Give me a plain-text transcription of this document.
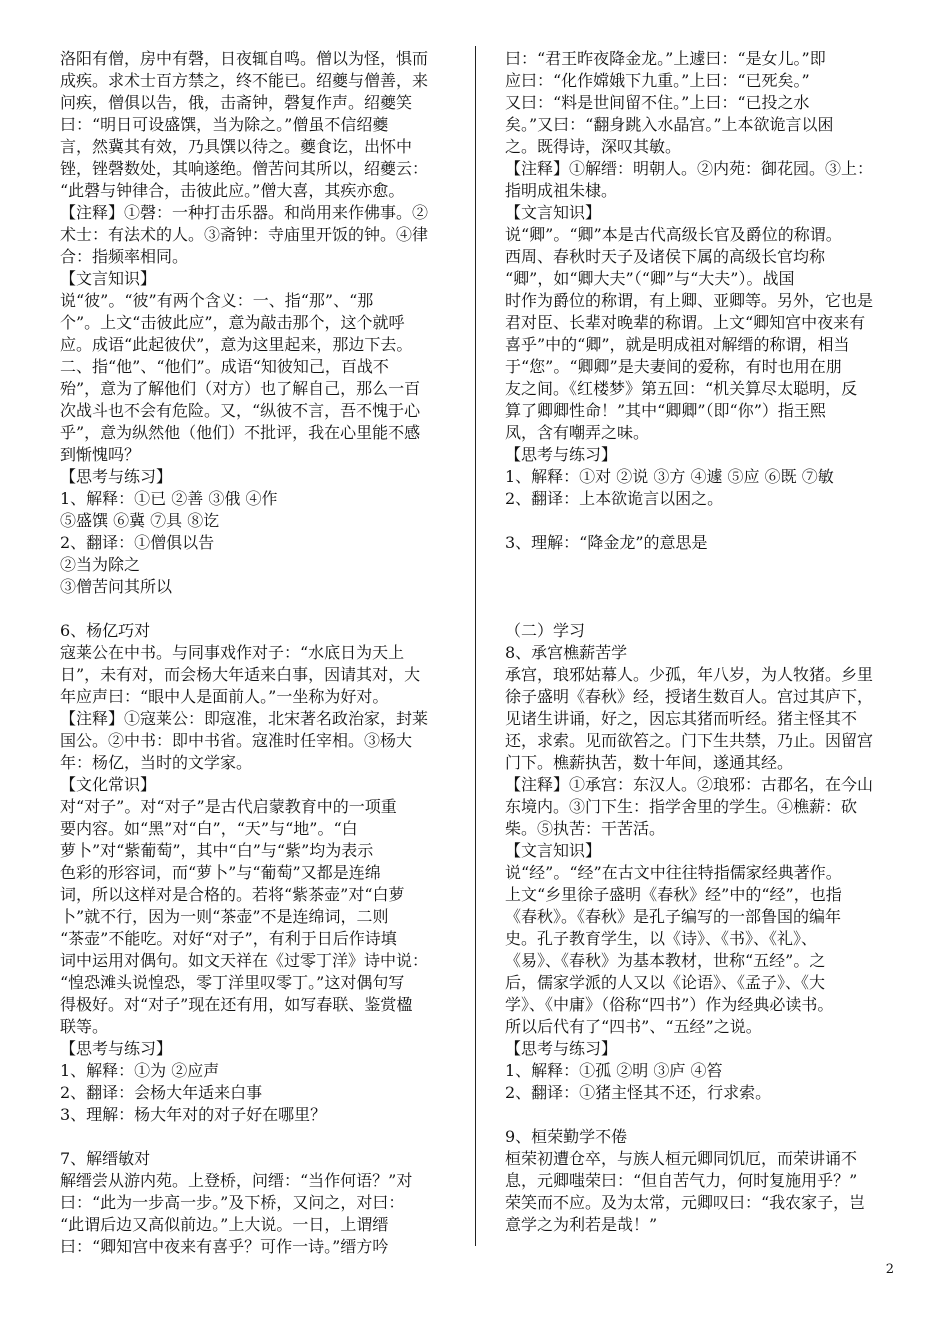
洛阳有僧，房中有磬，日夜辄自鸣。僧以为怪，惧而

成疾。求术士百方禁之，终不能已。绍夔与僧善，来

问疾，僧俱以告，俄，击斋钟，磬复作声。绍夔笑

曰：“明日可设盛馔，当为除之。”僧虽不信绍夔

言，然冀其有效，乃具馔以待之。夔食讫，出怀中

锉，锉磬数处，其响遂绝。僧苦问其所以，绍夔云：

“此磬与钟律合，击彼此应。”僧大喜，其疾亦愈。

【注释】①磬：一种打击乐器。和尚用来作佛事。②

术士：有法术的人。③斋钟：寺庙里开饭的钟。④律

合：指频率相同。

【文言知识】

说“彼”。“彼”有两个含义：一、指“那”、“那

个”。上文“击彼此应”，意为敲击那个，这个就呼

应。成语“此起彼伏”，意为这里起来，那边下去。

二、指“他”、“他们”。成语“知彼知己，百战不

殆”，意为了解他们（对方）也了解自己，那么一百

次战斗也不会有危险。又，“纵彼不言，吾不愧于心

乎”，意为纵然他（他们）不批评，我在心里能不感

到惭愧吗？

【思考与练习】

1、解释：①已 ②善 ③俄 ④作

⑤盛馔 ⑥冀 ⑦具 ⑧讫

2、翻译：①僧俱以告

②当为除之

③僧苦问其所以

6、杨亿巧对

寇莱公在中书。与同事戏作对子：“水底日为天上

日”，未有对，而会杨大年适来白事，因请其对，大

年应声曰：“眼中人是面前人。”一坐称为好对。

【注释】①寇莱公：即寇准，北宋著名政治家，封莱

国公。②中书：即中书省。寇准时任宰相。③杨大

年：杨亿，当时的文学家。

【文化常识】

对“对子”。对“对子”是古代启蒙教育中的一项重

要内容。如“黑”对“白”，“天”与“地”。“白

萝卜”对“紫葡萄”，其中“白”与“紫”均为表示

色彩的形容词，而“萝卜”与“葡萄”又都是连绵

词，所以这样对是合格的。若将“紫茶壶”对“白萝

卜”就不行，因为一则“茶壶”不是连绵词，二则

“茶壶”不能吃。对好“对子”，有利于日后作诗填

词中运用对偶句。如文天祥在《过零丁洋》诗中说：

“惶恐滩头说惶恐，零丁洋里叹零丁。”这对偶句写

得极好。对“对子”现在还有用，如写春联、鉴赏楹

联等。

【思考与练习】

1、解释：①为 ②应声

2、翻译：会杨大年适来白事

3、理解：杨大年对的对子好在哪里？

7、解缙敏对

解缙尝从游内苑。上登桥，问缙：“当作何语？”对

曰：“此为一步高一步。”及下桥，又问之，对曰：

“此谓后边又高似前边。”上大说。一日，上谓缙

曰：“卿知宫中夜来有喜乎？可作一诗。”缙方吟

曰：“君王昨夜降金龙。”上遽曰：“是女儿。”即

应曰：“化作嫦娥下九重。”上曰：“已死矣。”

又曰：“料是世间留不住。”上曰：“已投之水

矣。”又曰：“翻身跳入水晶宫。”上本欲诡言以困

之。既得诗，深叹其敏。

【注释】①解缙：明朝人。②内苑：御花园。③上：

指明成祖朱棣。

【文言知识】

说“卿”。“卿”本是古代高级长官及爵位的称谓。

西周、春秋时天子及诸侯下属的高级长官均称

“卿”，如“卿大夫”（“卿”与“大夫”）。战国

时作为爵位的称谓，有上卿、亚卿等。另外，它也是

君对臣、长辈对晚辈的称谓。上文“卿知宫中夜来有

喜乎”中的“卿”，就是明成祖对解缙的称谓，相当

于“您”。“卿卿”是夫妻间的爱称，有时也用在朋

友之间。《红楼梦》第五回：“机关算尽太聪明，反

算了卿卿性命！”其中“卿卿”（即“你”）指王熙

凤，含有嘲弄之味。

【思考与练习】

1、解释：①对 ②说 ③方 ④遽 ⑤应 ⑥既 ⑦敏

2、翻译：上本欲诡言以困之。

3、理解：“降金龙”的意思是

（二）学习

8、承宫樵薪苦学

承宫，琅邪姑幕人。少孤，年八岁，为人牧猪。乡里

徐子盛明《春秋》经，授诸生数百人。宫过其庐下，

见诸生讲诵，好之，因忘其猪而听经。猪主怪其不

还，求索。见而欲笞之。门下生共禁，乃止。因留宫

门下。樵薪执苦，数十年间，遂通其经。

【注释】①承宫：东汉人。②琅邪：古郡名，在今山

东境内。③门下生：指学舍里的学生。④樵薪：砍

柴。⑤执苦：干苦活。

【文言知识】

说“经”。“经”在古文中往往特指儒家经典著作。

上文“乡里徐子盛明《春秋》经”中的“经”，也指

《春秋》。《春秋》是孔子编写的一部鲁国的编年

史。孔子教育学生，以《诗》、《书》、《礼》、

《易》、《春秋》为基本教材，世称“五经”。之

后，儒家学派的人又以《论语》、《孟子》、《大

学》、《中庸》（俗称“四书”）作为经典必读书。

所以后代有了“四书”、“五经”之说。

【思考与练习】

1、解释：①孤 ②明 ③庐 ④笞

2、翻译：①猪主怪其不还，行求索。

9、桓荣勤学不倦

桓荣初遭仓卒，与族人桓元卿同饥厄，而荣讲诵不

息，元卿嗤荣曰：“但自苦气力，何时复施用乎？”

荣笑而不应。及为太常，元卿叹曰：“我农家子，岂

意学之为利若是哉！”

2
